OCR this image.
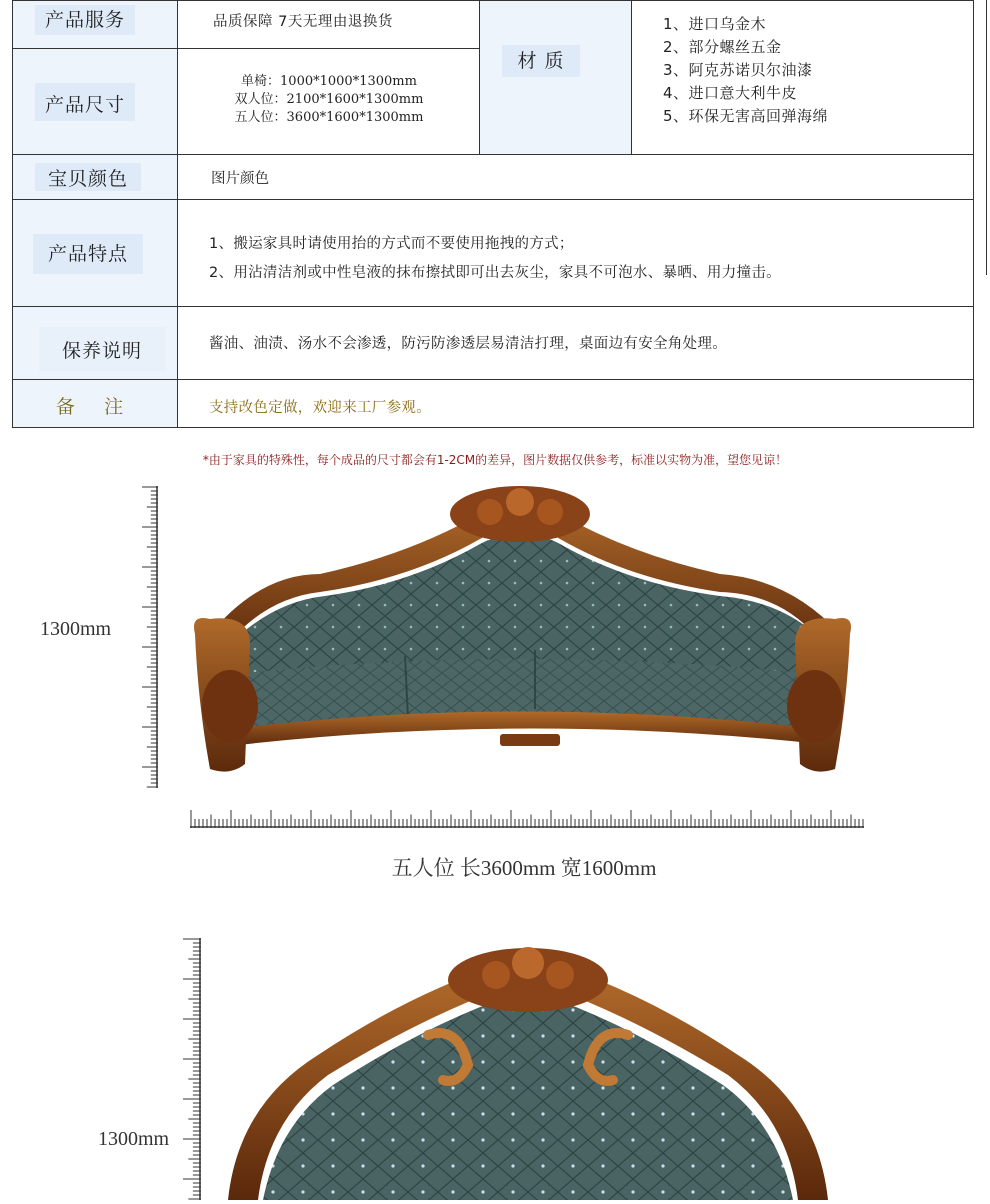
产品服务
产品尺寸
材 质
宝贝颜色
产品特点
保养说明
备    注
品质保障 7天无理由退换货
单椅：1000*1000*1300mm
双人位：2100*1600*1300mm
五人位：3600*1600*1300mm
1、进口乌金木
2、部分螺丝五金
3、阿克苏诺贝尔油漆
4、进口意大利牛皮
5、环保无害高回弹海绵
图片颜色
1、搬运家具时请使用抬的方式而不要使用拖拽的方式；
2、用沾清洁剂或中性皂液的抹布擦拭即可出去灰尘，家具不可泡水、暴晒、用力撞击。
酱油、油渍、汤水不会渗透，防污防渗透层易清洁打理，桌面边有安全角处理。
支持改色定做，欢迎来工厂参观。
*由于家具的特殊性，每个成品的尺寸都会有1-2CM的差异，图片数据仅供参考，标准以实物为准，望您见谅！
1300mm
五人位 长3600mm 宽1600mm
1300mm
